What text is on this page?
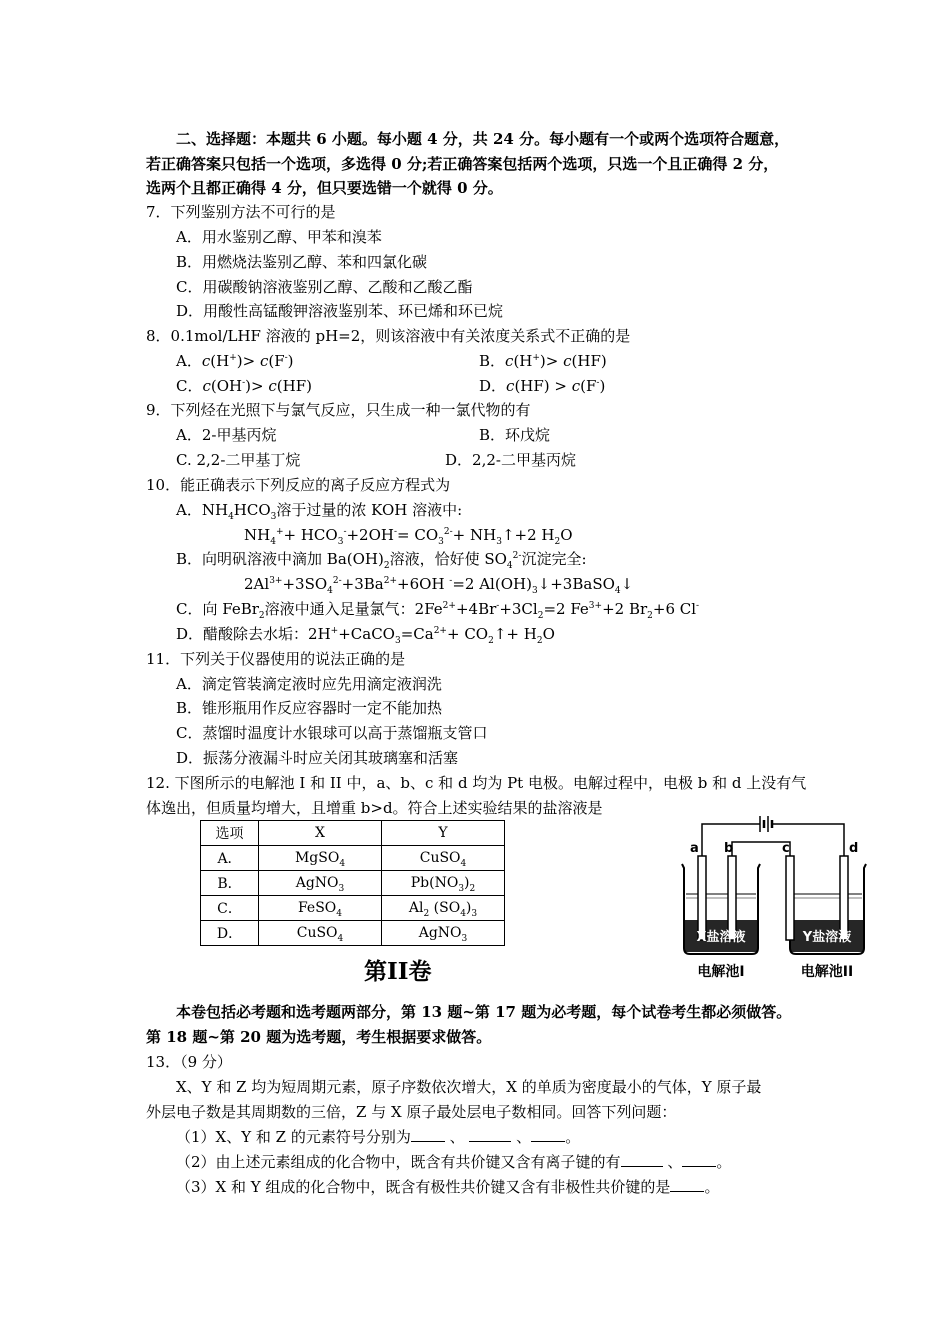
二、选择题：本题共 6 小题。每小题 4 分，共 24 分。每小题有一个或两个选项符合题意，
若正确答案只包括一个选项，多选得 0 分;若正确答案包括两个选项，只选一个且正确得 2 分，
选两个且都正确得 4 分，但只要选错一个就得 0 分。
7．下列鉴别方法不可行的是
A．用水鉴别乙醇、甲苯和溴苯
B．用燃烧法鉴别乙醇、苯和四氯化碳
C．用碳酸钠溶液鉴别乙醇、乙酸和乙酸乙酯
D．用酸性高锰酸钾溶液鉴别苯、环已烯和环已烷
8．0.1mol/LHF 溶液的 pH=2，则该溶液中有关浓度关系式不正确的是
A．c(H+)> c(F-)	B．c(H+)> c(HF)
C．c(OH-)> c(HF)	D．c(HF) > c(F-)
9．下列烃在光照下与氯气反应，只生成一种一氯代物的有
A．2-甲基丙烷	B．环戊烷
C. 2,2-二甲基丁烷	D．2,2-二甲基丙烷
10．能正确表示下列反应的离子反应方程式为
A．$NH_4HCO_3$溶于过量的浓 KOH 溶液中:
$NH_4^++ HCO_3^-+2OH^-= CO_3^{2-}+$ $NH_3↑+2$ $H_2O$
B．向明矾溶液中滴加 $Ba(OH)_2$溶液，恰好使 $SO_4^{2-}$沉淀完全:
$2Al^{3+}+3SO_4^{2-}+3Ba^{2+}+6OH$ -=2 $Al(OH)_3↓+3BaSO_4↓$
C．向 FeBr$_2$溶液中通入足量氯气：$2Fe^{2+}+4Br^-+3Cl_2=2$ $Fe^{3+}+2$ $Br_2+6$ Cl-
D．醋酸除去水垢：$2H^++CaCO_3=Ca^{2+}+$ $CO_2↑+ H_2O$
11．下列关于仪器使用的说法正确的是
A．滴定管装滴定液时应先用滴定液润洗
B．锥形瓶用作反应容器时一定不能加热
C．蒸馏时温度计水银球可以高于蒸馏瓶支管口
D．振荡分液漏斗时应关闭其玻璃塞和活塞
12. 下图所示的电解池 I 和 II 中，a、b、c 和 d 均为 Pt 电极。电解过程中，电极 b 和 d 上没有气
体逸出，但质量均增大，且增重 b>d。符合上述实验结果的盐溶液是
选项	X	Y
A．	MgSO$_4$	CuSO$_4$
B．	AgNO$_3$	$Pb(NO_3)_2$
C．	FeSO$_4$	$Al_2$ $(SO_4)_3$
D．	CuSO$_4$	AgNO$_3$
a b	c	d
X盐溶液	Y盐溶液
电解池I	电解池II
第II卷
本卷包括必考题和选考题两部分，第 13 题~第 17 题为必考题，每个试卷考生都必须做答。
第 18 题~第 20 题为选考题，考生根据要求做答。
13．（9 分）
X、Y 和 Z 均为短周期元素，原子序数依次增大，X 的单质为密度最小的气体，Y 原子最
外层电子数是其周期数的三倍，Z 与 X 原子最处层电子数相同。回答下列问题：
（1）X、Y 和 Z 的元素符号分别为 、	、 。
（2）由上述元素组成的化合物中，既含有共价键又含有离子键的有	、 。
（3）X 和 Y 组成的化合物中，既含有极性共价键又含有非极性共价键的是 。
